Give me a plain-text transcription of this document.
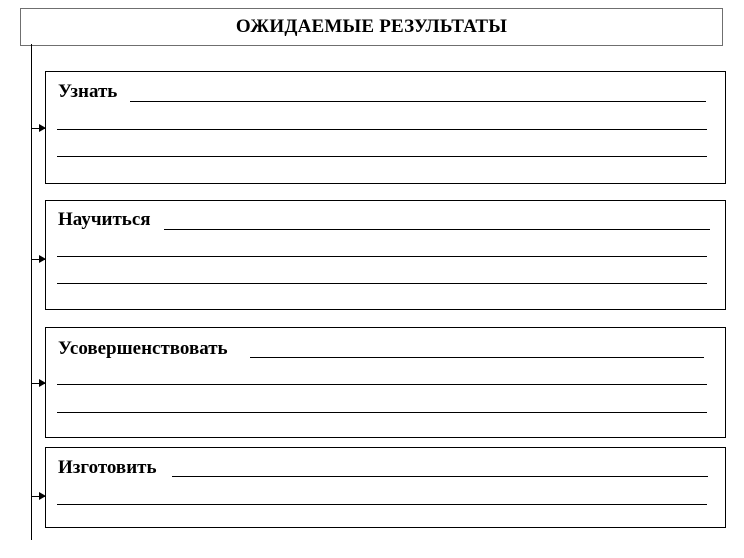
ОЖИДАЕМЫЕ РЕЗУЛЬТАТЫ
Узнать
Научиться
Усовершенствовать
Изготовить
